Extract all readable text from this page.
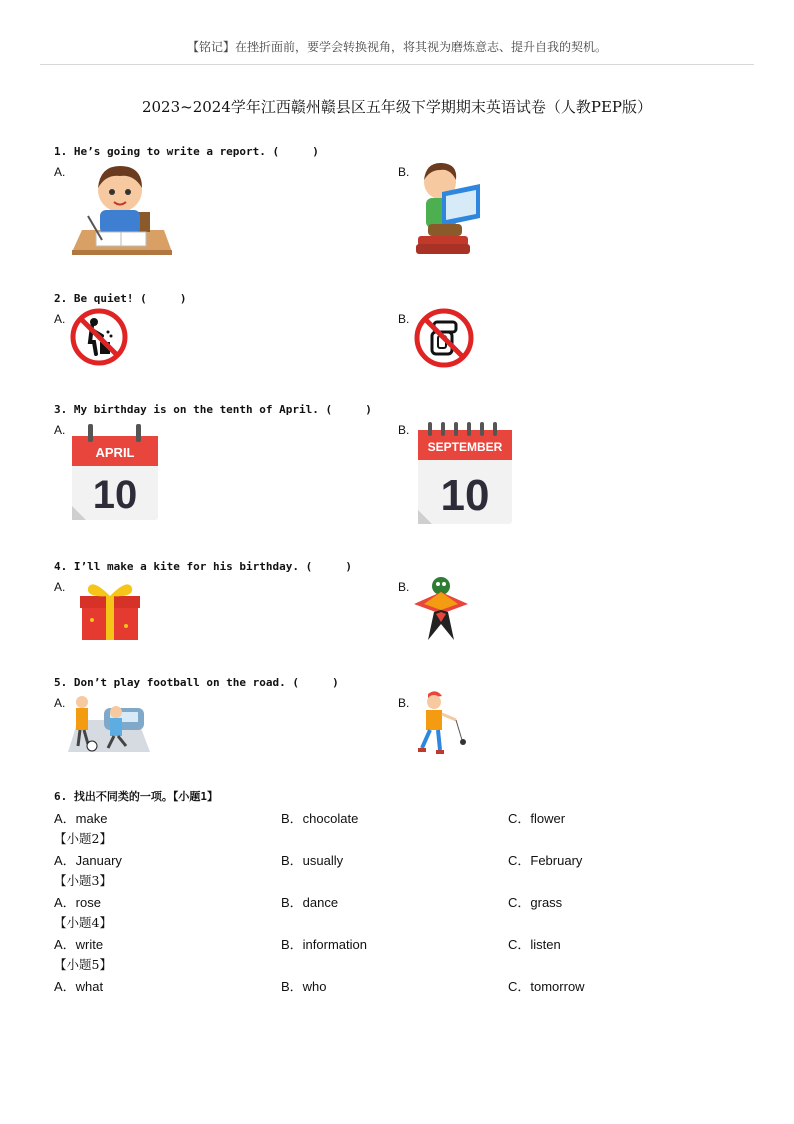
【铭记】在挫折面前，要学会转换视角，将其视为磨炼意志、提升自我的契机。
2023~2024学年江西赣州赣县区五年级下学期期末英语试卷（人教PEP版）
1. He’s going to write a report. (     )
A.	B.
2. Be quiet! (     )
A.	B.
3. My birthday is on the tenth of April. (     )
A.	B.
APRIL
10
SEPTEMBER
10
4. I’ll make a kite for his birthday. (     )
A.	B.
5. Don’t play football on the road. (     )
A.	B.
6. 找出不同类的一项。【小题1】
A．make	B．chocolate	C．flower
【小题2】
A．January	B．usually	C．February
【小题3】
A．rose	B．dance	C．grass
【小题4】
A．write	B．information	C．listen
【小题5】
A．what	B．who	C．tomorrow
